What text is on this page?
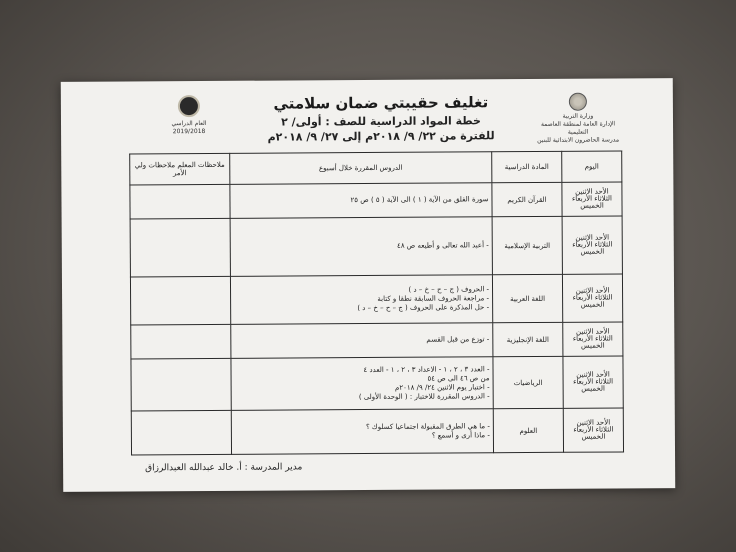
وزارة التربية
الإدارة العامة لمنطقة العاصمة التعليمية
مدرسة الحاضرون الابتدائية للبنين
تغليف حقيبتي ضمان سلامتي
خطة المواد الدراسية للصف : أولى/ ٢
للفترة من ٢٢/ ٩/ ٢٠١٨م إلى ٢٧/ ٩/ ٢٠١٨م
العام الدراسي
2019/2018
اليوم	المادة الدراسية	الدروس المقررة خلال أسبوع	ملاحظات المعلم ملاحظات ولي الأمر
الأحد الاثنين الثلاثاء الأربعاء الخميس	القرآن الكريم	سورة الفلق من الآية ( ١ ) الى الآية ( ٥ ) ص ٢٥	

الأحد الاثنين الثلاثاء الأربعاء الخميس	التربية الإسلامية	- أعبد الله تعالى و أطيعه ص ٤٨	

الأحد الاثنين الثلاثاء الأربعاء الخميس	اللغة العربية	- الحروف ( ج – ح – خ – د )
- مراجعة الحروف السابقة نطقا و كتابة
- حل المذكرة على الحروف ( ج – ح – خ – د )	

الأحد الاثنين الثلاثاء الأربعاء الخميس	اللغة الإنجليزية	- توزع من قبل القسم	

الأحد الاثنين الثلاثاء الأربعاء الخميس	الرياضيات	- العدد ٣ ، ٢ ، ١ - الاعداد ٣ ، ٢ ، ١ - العدد ٤
من ص ٤٦ الى ص ٥٤
- اختبار يوم الاثنين ٢٤/ ٩/ ٢٠١٨م
- الدروس المقررة للاختبار : ( الوحدة الأولى )	

الأحد الاثنين الثلاثاء الأربعاء الخميس	العلوم	- ما هي الطرق المقبولة اجتماعيا كسلوك ؟
- ماذا أرى و أسمع ؟	

مدير المدرسة : أ. خالد عبدالله العبدالرزاق
